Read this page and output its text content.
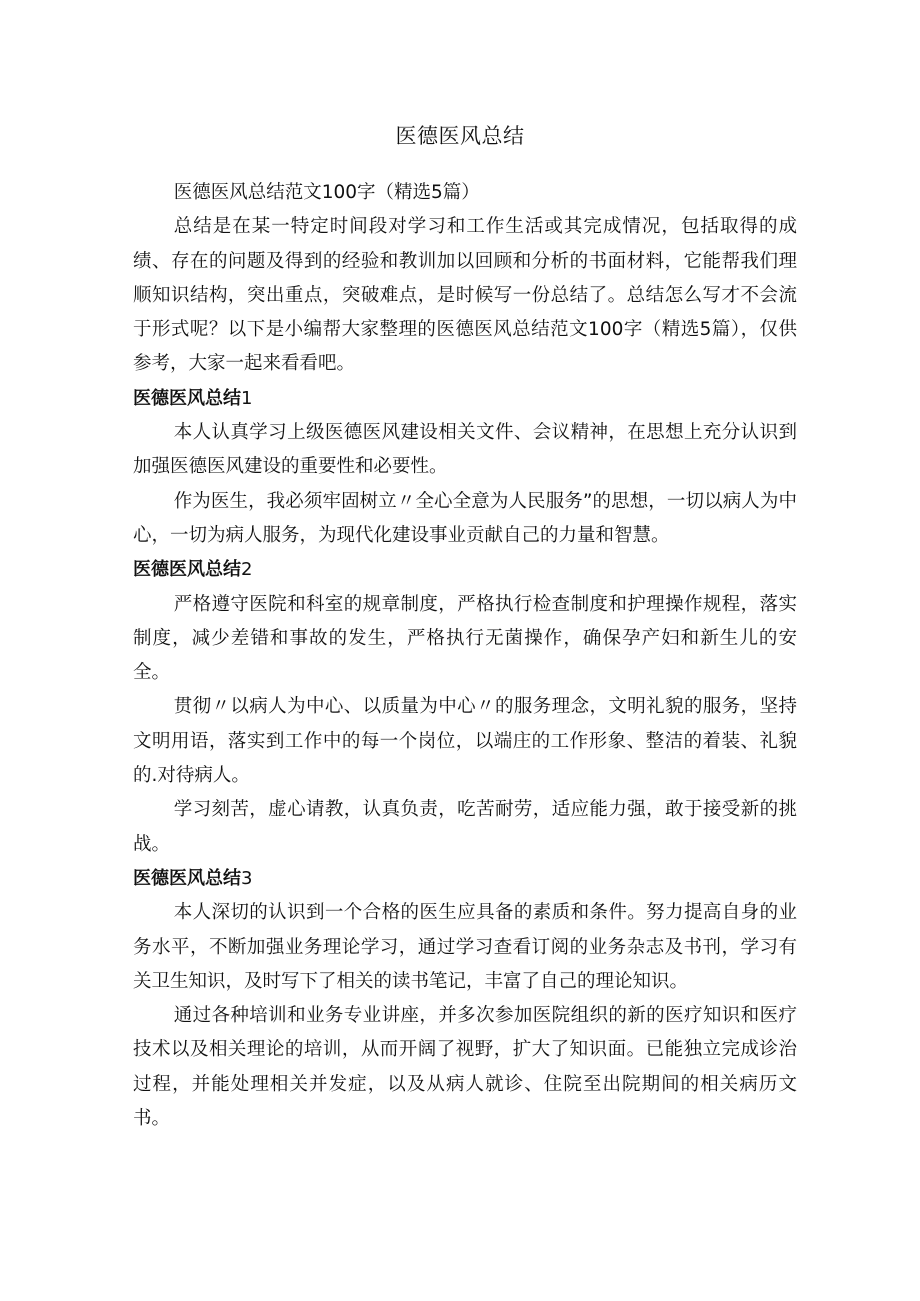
医德医风总结

医德医风总结范文100字（精选5篇）

总结是在某一特定时间段对学习和工作生活或其完成情况，包括取得的成绩、存在的问题及得到的经验和教训加以回顾和分析的书面材料，它能帮我们理顺知识结构，突出重点，突破难点，是时候写一份总结了。总结怎么写才不会流于形式呢？以下是小编帮大家整理的医德医风总结范文100字（精选5篇），仅供参考，大家一起来看看吧。

医德医风总结1

本人认真学习上级医德医风建设相关文件、会议精神，在思想上充分认识到加强医德医风建设的重要性和必要性。

作为医生，我必须牢固树立〃全心全意为人民服务”的思想，一切以病人为中心，一切为病人服务，为现代化建设事业贡献自己的力量和智慧。

医德医风总结2

严格遵守医院和科室的规章制度，严格执行检查制度和护理操作规程，落实制度，减少差错和事故的发生，严格执行无菌操作，确保孕产妇和新生儿的安全。

贯彻〃以病人为中心、以质量为中心〃的服务理念，文明礼貌的服务，坚持文明用语，落实到工作中的每一个岗位，以端庄的工作形象、整洁的着装、礼貌的.对待病人。

学习刻苦，虚心请教，认真负责，吃苦耐劳，适应能力强，敢于接受新的挑战。

医德医风总结3

本人深切的认识到一个合格的医生应具备的素质和条件。努力提高自身的业务水平，不断加强业务理论学习，通过学习查看订阅的业务杂志及书刊，学习有关卫生知识，及时写下了相关的读书笔记，丰富了自己的理论知识。

通过各种培训和业务专业讲座，并多次参加医院组织的新的医疗知识和医疗技术以及相关理论的培训，从而开阔了视野，扩大了知识面。已能独立完成诊治过程，并能处理相关并发症，以及从病人就诊、住院至出院期间的相关病历文书。
